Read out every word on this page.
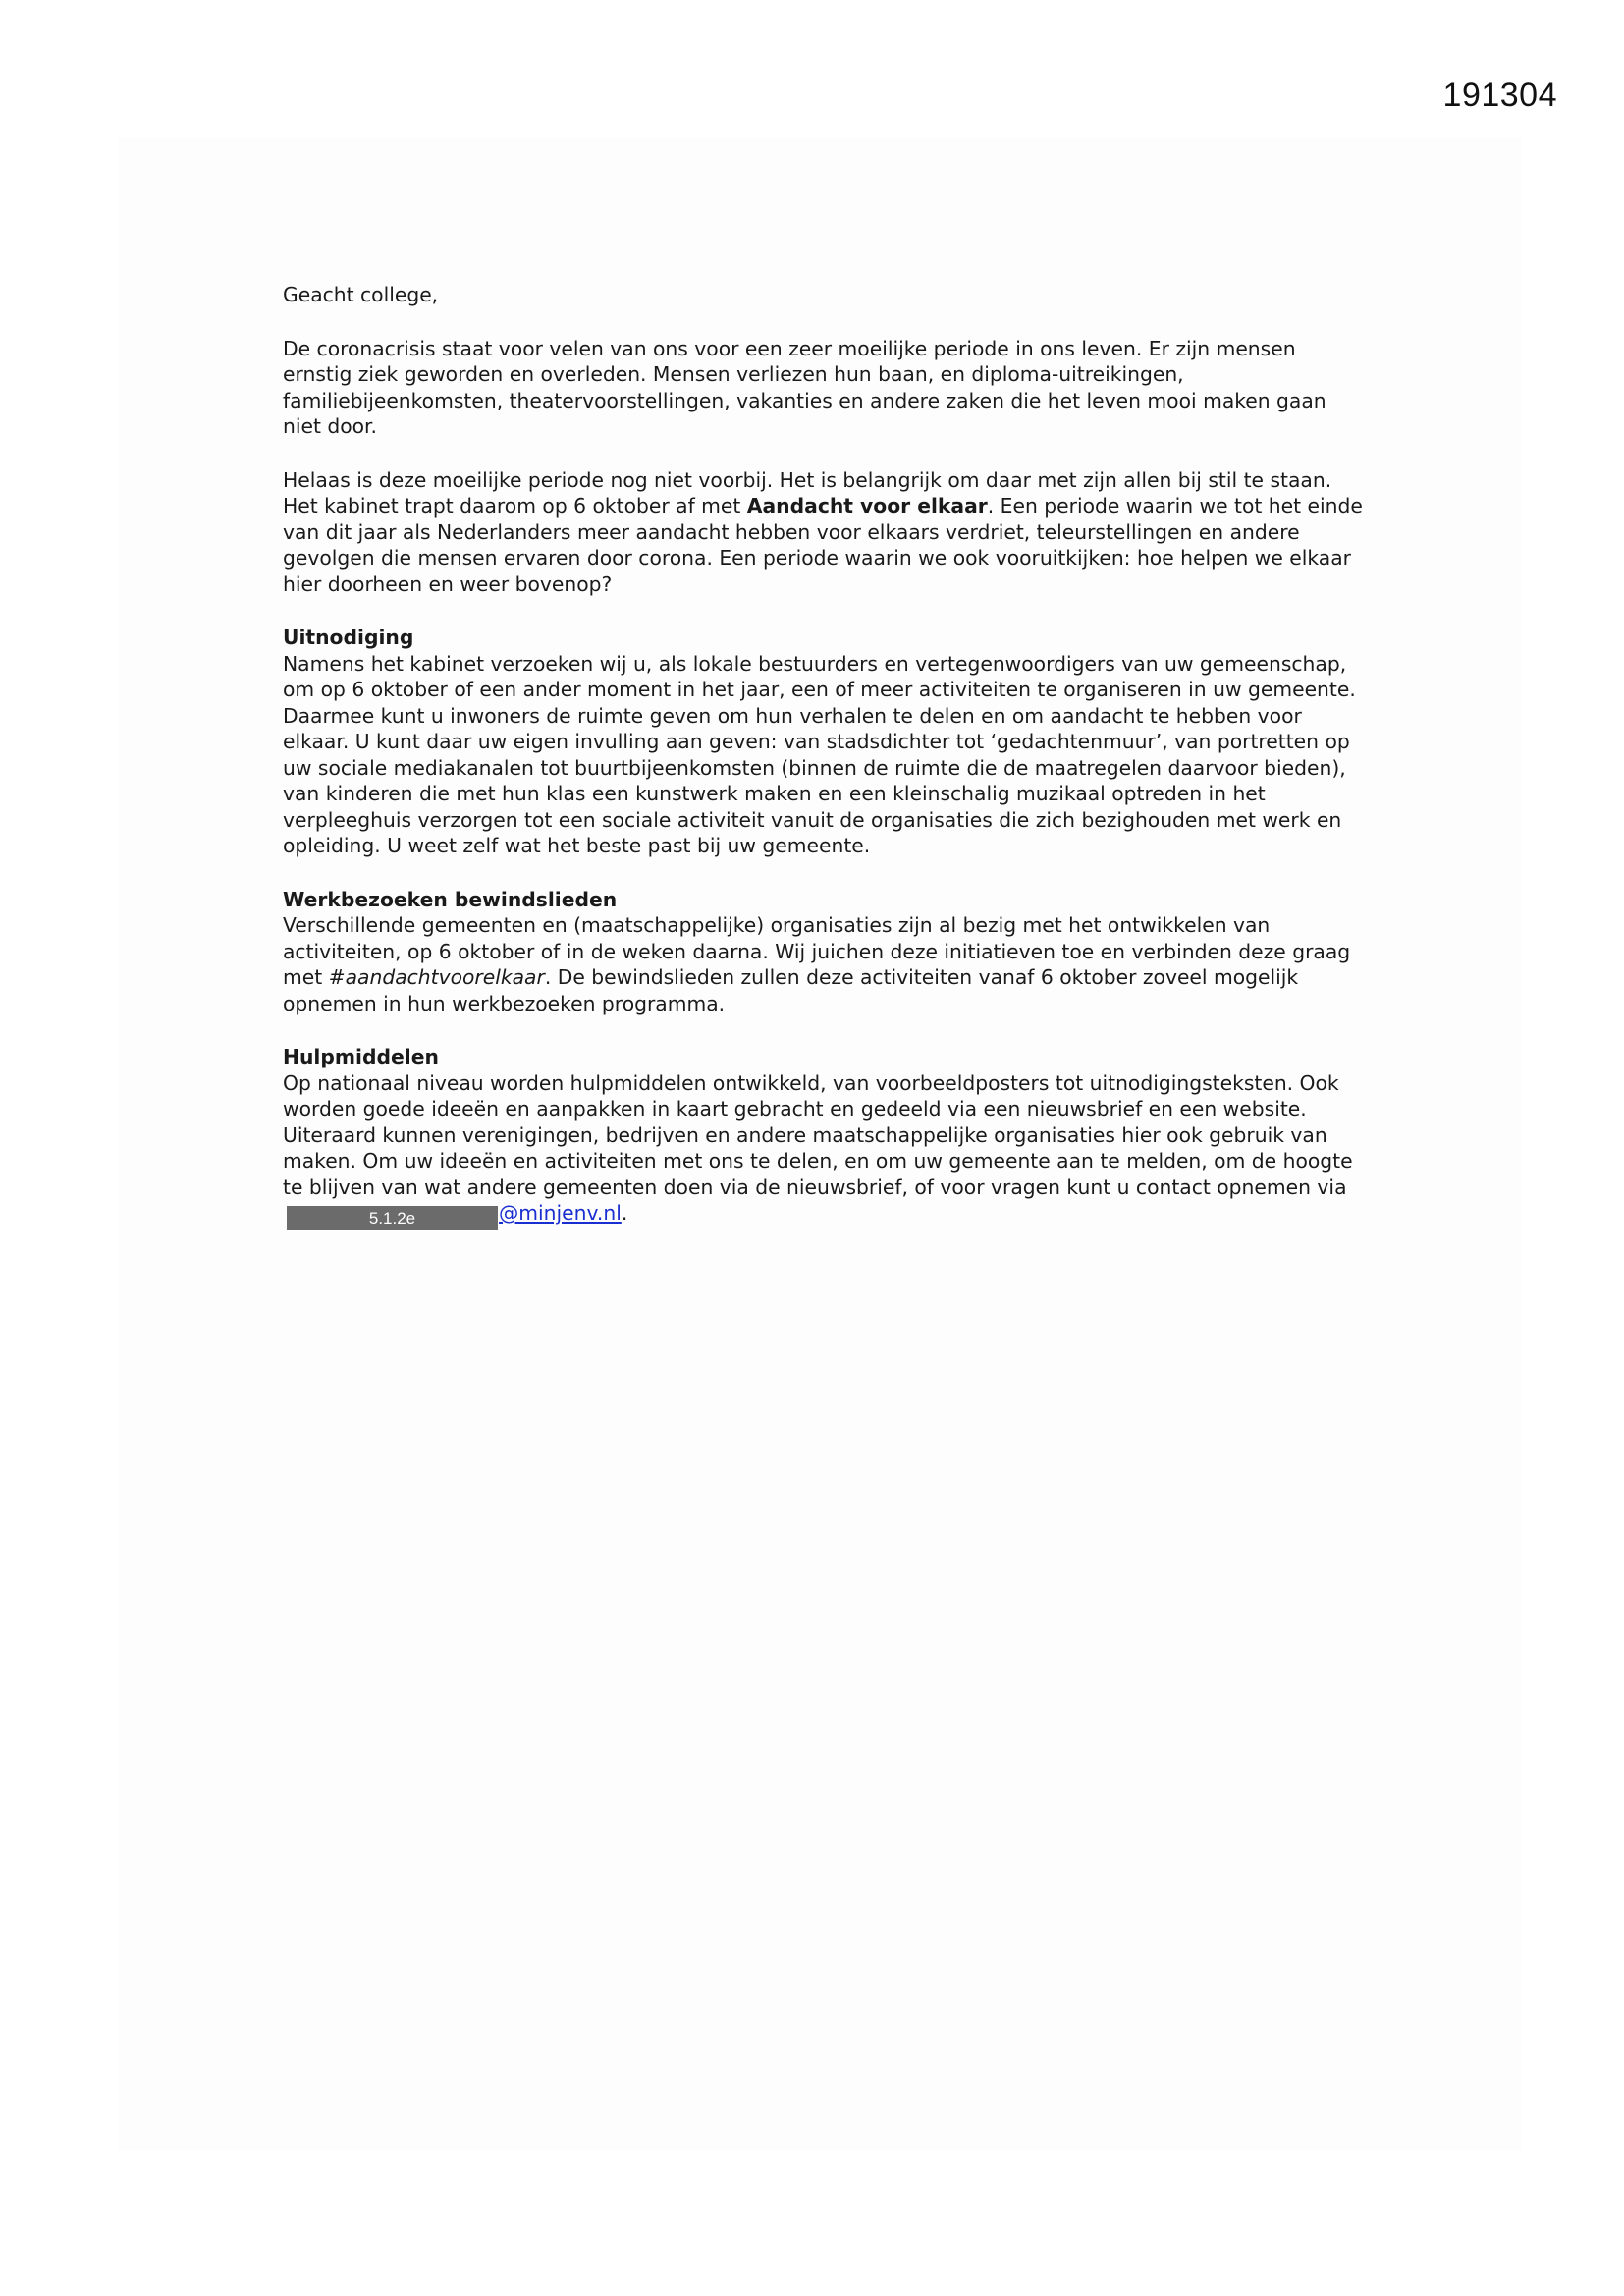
191304

Geacht college,

De coronacrisis staat voor velen van ons voor een zeer moeilijke periode in ons leven. Er zijn mensen ernstig ziek geworden en overleden. Mensen verliezen hun baan, en diploma-uitreikingen, familiebijeenkomsten, theatervoorstellingen, vakanties en andere zaken die het leven mooi maken gaan niet door.

Helaas is deze moeilijke periode nog niet voorbij. Het is belangrijk om daar met zijn allen bij stil te staan. Het kabinet trapt daarom op 6 oktober af met Aandacht voor elkaar. Een periode waarin we tot het einde van dit jaar als Nederlanders meer aandacht hebben voor elkaars verdriet, teleurstellingen en andere gevolgen die mensen ervaren door corona. Een periode waarin we ook vooruitkijken: hoe helpen we elkaar hier doorheen en weer bovenop?

Uitnodiging

Namens het kabinet verzoeken wij u, als lokale bestuurders en vertegenwoordigers van uw gemeenschap, om op 6 oktober of een ander moment in het jaar, een of meer activiteiten te organiseren in uw gemeente. Daarmee kunt u inwoners de ruimte geven om hun verhalen te delen en om aandacht te hebben voor elkaar. U kunt daar uw eigen invulling aan geven: van stadsdichter tot ‘gedachtenmuur’, van portretten op uw sociale mediakanalen tot buurtbijeenkomsten (binnen de ruimte die de maatregelen daarvoor bieden), van kinderen die met hun klas een kunstwerk maken en een kleinschalig muzikaal optreden in het verpleeghuis verzorgen tot een sociale activiteit vanuit de organisaties die zich bezighouden met werk en opleiding. U weet zelf wat het beste past bij uw gemeente.

Werkbezoeken bewindslieden

Verschillende gemeenten en (maatschappelijke) organisaties zijn al bezig met het ontwikkelen van activiteiten, op 6 oktober of in de weken daarna. Wij juichen deze initiatieven toe en verbinden deze graag met #aandachtvoorelkaar. De bewindslieden zullen deze activiteiten vanaf 6 oktober zoveel mogelijk opnemen in hun werkbezoeken programma.

Hulpmiddelen

Op nationaal niveau worden hulpmiddelen ontwikkeld, van voorbeeldposters tot uitnodigingsteksten. Ook worden goede ideeën en aanpakken in kaart gebracht en gedeeld via een nieuwsbrief en een website. Uiteraard kunnen verenigingen, bedrijven en andere maatschappelijke organisaties hier ook gebruik van maken. Om uw ideeën en activiteiten met ons te delen, en om uw gemeente aan te melden, om de hoogte te blijven van wat andere gemeenten doen via de nieuwsbrief, of voor vragen kunt u contact opnemen via5.1.2e	@minjenv.nl.
